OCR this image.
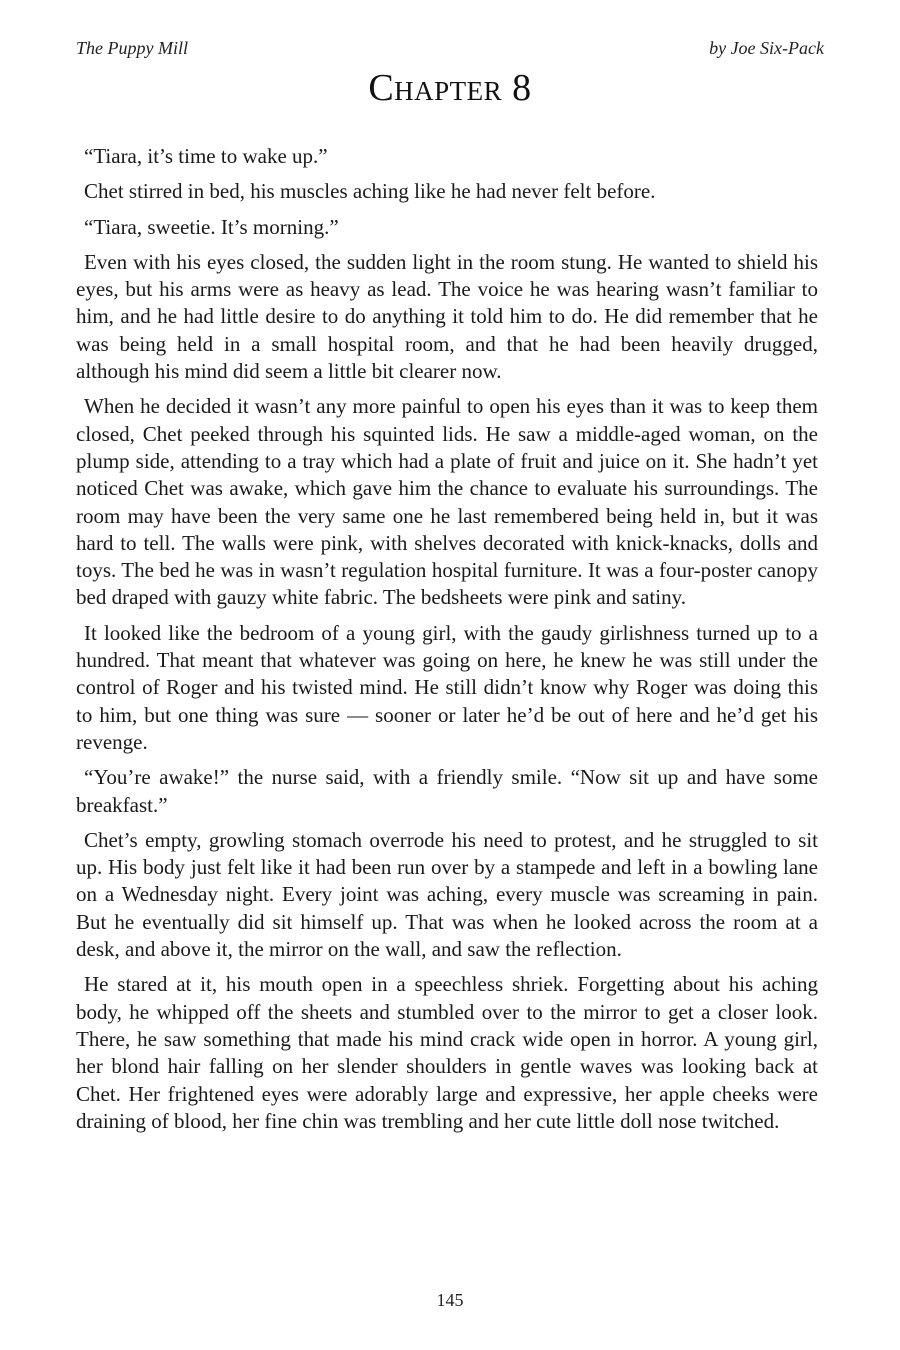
The Puppy Mill	by Joe Six-Pack
Chapter 8

“Tiara, it’s time to wake up.”

Chet stirred in bed, his muscles aching like he had never felt before.

“Tiara, sweetie. It’s morning.”

Even with his eyes closed, the sudden light in the room stung. He wanted to shield his eyes, but his arms were as heavy as lead. The voice he was hearing wasn’t familiar to him, and he had little desire to do anything it told him to do. He did remember that he was being held in a small hospital room, and that he had been heavily drugged, although his mind did seem a little bit clearer now.

When he decided it wasn’t any more painful to open his eyes than it was to keep them closed, Chet peeked through his squinted lids. He saw a middle-aged woman, on the plump side, attending to a tray which had a plate of fruit and juice on it. She hadn’t yet noticed Chet was awake, which gave him the chance to evaluate his surroundings. The room may have been the very same one he last remembered being held in, but it was hard to tell. The walls were pink, with shelves decorated with knick-knacks, dolls and toys. The bed he was in wasn’t regulation hospital furniture. It was a four-poster canopy bed draped with gauzy white fabric. The bedsheets were pink and satiny.

It looked like the bedroom of a young girl, with the gaudy girlishness turned up to a hundred. That meant that whatever was going on here, he knew he was still under the control of Roger and his twisted mind. He still didn’t know why Roger was doing this to him, but one thing was sure — sooner or later he’d be out of here and he’d get his revenge.

“You’re awake!” the nurse said, with a friendly smile. “Now sit up and have some breakfast.”

Chet’s empty, growling stomach overrode his need to protest, and he struggled to sit up. His body just felt like it had been run over by a stampede and left in a bowling lane on a Wednesday night. Every joint was aching, every muscle was screaming in pain. But he eventually did sit himself up. That was when he looked across the room at a desk, and above it, the mirror on the wall, and saw the reflection.

He stared at it, his mouth open in a speechless shriek. Forgetting about his aching body, he whipped off the sheets and stumbled over to the mirror to get a closer look. There, he saw something that made his mind crack wide open in horror. A young girl, her blond hair falling on her slender shoulders in gentle waves was looking back at Chet. Her frightened eyes were adorably large and expressive, her apple cheeks were draining of blood, her fine chin was trembling and her cute little doll nose twitched.

145
